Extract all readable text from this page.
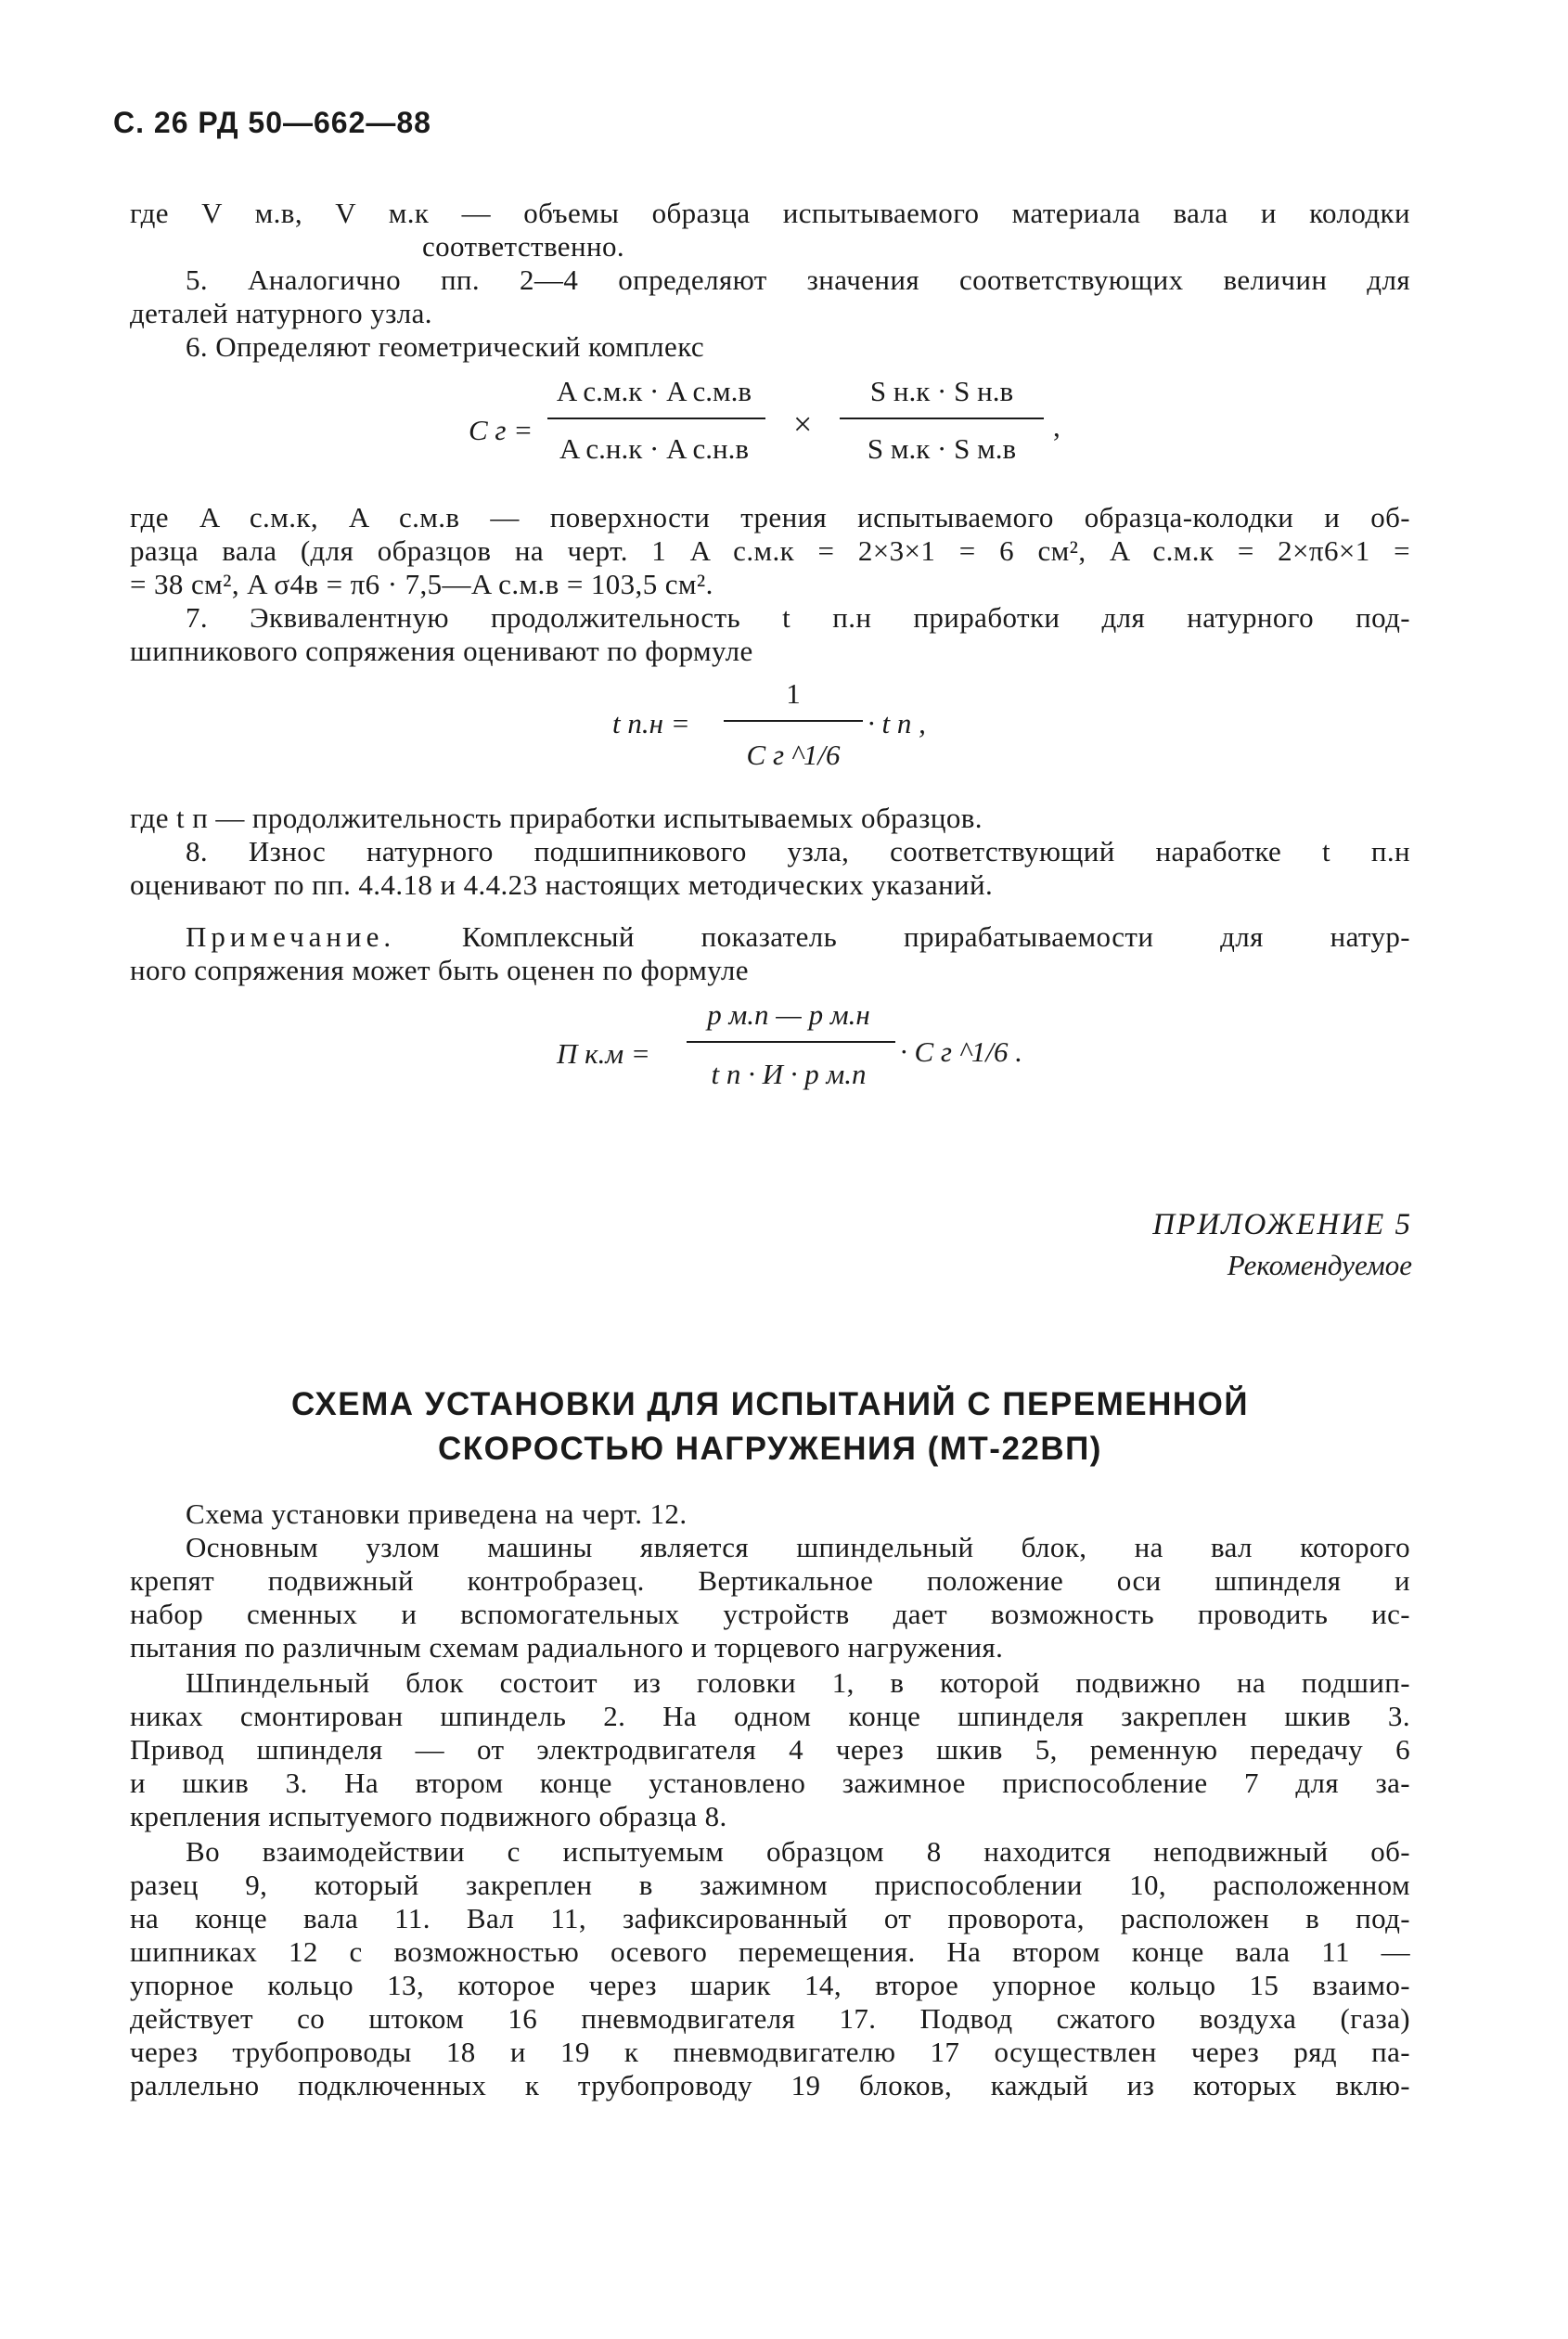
С. 26 РД 50—662—88
где V м.в, V м.к — объемы образца испытываемого материала вала и колодки
соответственно.
5. Аналогично пп. 2—4 определяют значения соответствующих величин для
деталей натурного узла.
6. Определяют геометрический комплекс
C г =
A с.м.к · A с.м.в
A с.н.к · A с.н.в
×
S н.к · S н.в
S м.к · S м.в
,
где A с.м.к, A с.м.в — поверхности трения испытываемого образца-колодки и об-
разца вала (для образцов на черт. 1 A с.м.к = 2×3×1 = 6 см², A с.м.к = 2×π6×1 =
= 38 см², A σ4в = π6 · 7,5—A с.м.в = 103,5 см².
7. Эквивалентную продолжительность t п.н приработки для натурного под-
шипникового сопряжения оценивают по формуле
t п.н =
1
C г ^1/6
· t п ,
где t п — продолжительность приработки испытываемых образцов.
8. Износ натурного подшипникового узла, соответствующий наработке t п.н
оценивают по пп. 4.4.18 и 4.4.23 настоящих методических указаний.
Примечание. Комплексный показатель прирабатываемости для натур-
ного сопряжения может быть оценен по формуле
П к.м =
p м.п — p м.н
t п · И · p м.п
· C г ^1/6 .
ПРИЛОЖЕНИЕ 5
Рекомендуемое
СХЕМА УСТАНОВКИ ДЛЯ ИСПЫТАНИЙ С ПЕРЕМЕННОЙ
СКОРОСТЬЮ НАГРУЖЕНИЯ (МТ-22ВП)
Схема установки приведена на черт. 12.
Основным узлом машины является шпиндельный блок, на вал которого
крепят подвижный контробразец. Вертикальное положение оси шпинделя и
набор сменных и вспомогательных устройств дает возможность проводить ис-
пытания по различным схемам радиального и торцевого нагружения.
Шпиндельный блок состоит из головки 1, в которой подвижно на подшип-
никах смонтирован шпиндель 2. На одном конце шпинделя закреплен шкив 3.
Привод шпинделя — от электродвигателя 4 через шкив 5, ременную передачу 6
и шкив 3. На втором конце установлено зажимное приспособление 7 для за-
крепления испытуемого подвижного образца 8.
Во взаимодействии с испытуемым образцом 8 находится неподвижный об-
разец 9, который закреплен в зажимном приспособлении 10, расположенном
на конце вала 11. Вал 11, зафиксированный от проворота, расположен в под-
шипниках 12 с возможностью осевого перемещения. На втором конце вала 11 —
упорное кольцо 13, которое через шарик 14, второе упорное кольцо 15 взаимо-
действует со штоком 16 пневмодвигателя 17. Подвод сжатого воздуха (газа)
через трубопроводы 18 и 19 к пневмодвигателю 17 осуществлен через ряд па-
раллельно подключенных к трубопроводу 19 блоков, каждый из которых вклю-
